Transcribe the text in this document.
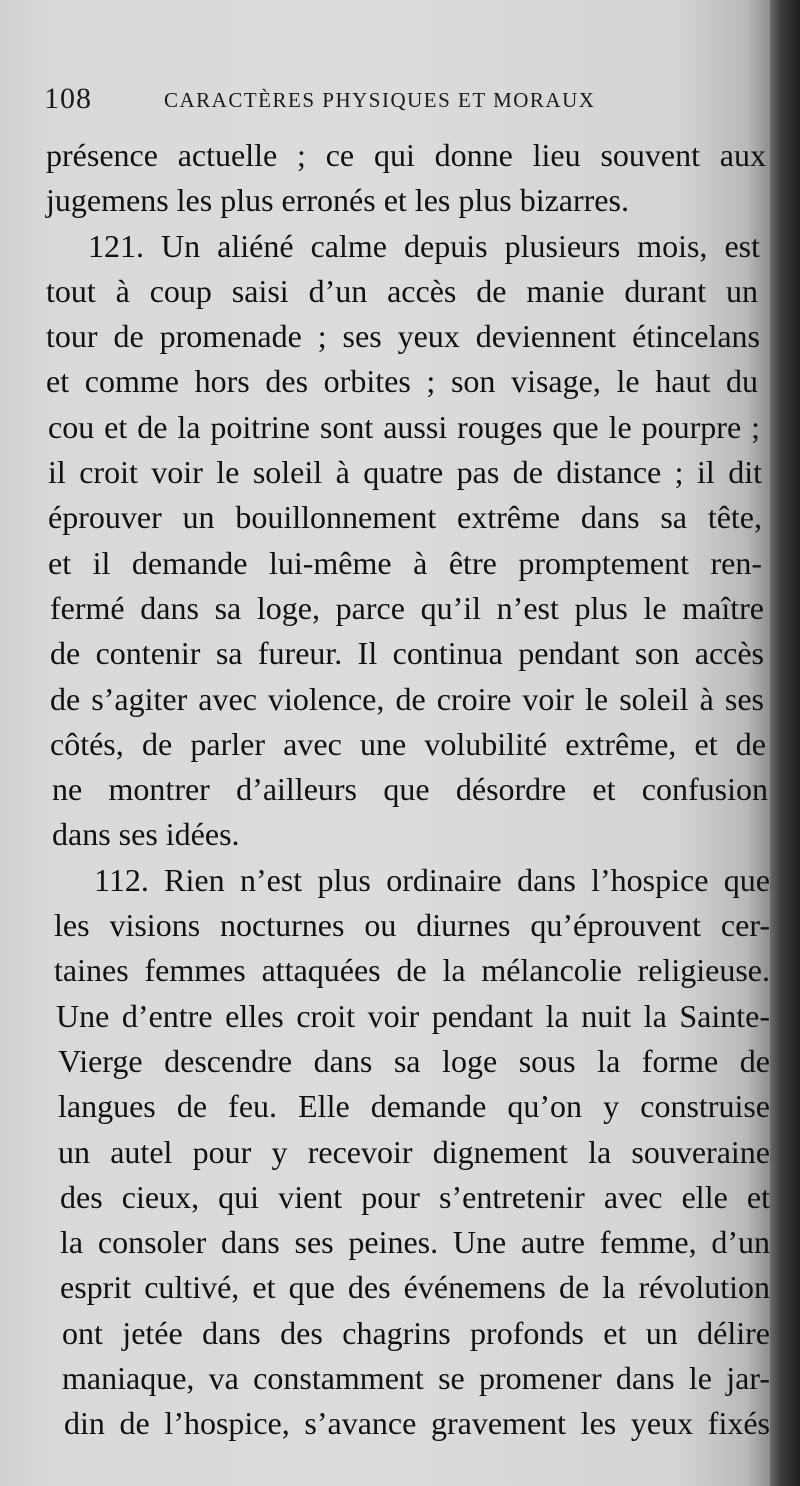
108	CARACTÈRES PHYSIQUES ET MORAUX
présence actuelle ; ce qui donne lieu souvent aux
jugemens les plus erronés et les plus bizarres.
121. Un aliéné calme depuis plusieurs mois, est
tout à coup saisi d’un accès de manie durant un
tour de promenade ; ses yeux deviennent étincelans
et comme hors des orbites ; son visage, le haut du
cou et de la poitrine sont aussi rouges que le pourpre ;
il croit voir le soleil à quatre pas de distance ; il dit
éprouver un bouillonnement extrême dans sa tête,
et il demande lui-même à être promptement ren-
fermé dans sa loge, parce qu’il n’est plus le maître
de contenir sa fureur. Il continua pendant son accès
de s’agiter avec violence, de croire voir le soleil à ses
côtés, de parler avec une volubilité extrême, et de
ne montrer d’ailleurs que désordre et confusion
dans ses idées.
112. Rien n’est plus ordinaire dans l’hospice que
les visions nocturnes ou diurnes qu’éprouvent cer-
taines femmes attaquées de la mélancolie religieuse.
Une d’entre elles croit voir pendant la nuit la Sainte-
Vierge descendre dans sa loge sous la forme de
langues de feu. Elle demande qu’on y construise
un autel pour y recevoir dignement la souveraine
des cieux, qui vient pour s’entretenir avec elle et
la consoler dans ses peines. Une autre femme, d’un
esprit cultivé, et que des événemens de la révolution
ont jetée dans des chagrins profonds et un délire
maniaque, va constamment se promener dans le jar-
din de l’hospice, s’avance gravement les yeux fixés
